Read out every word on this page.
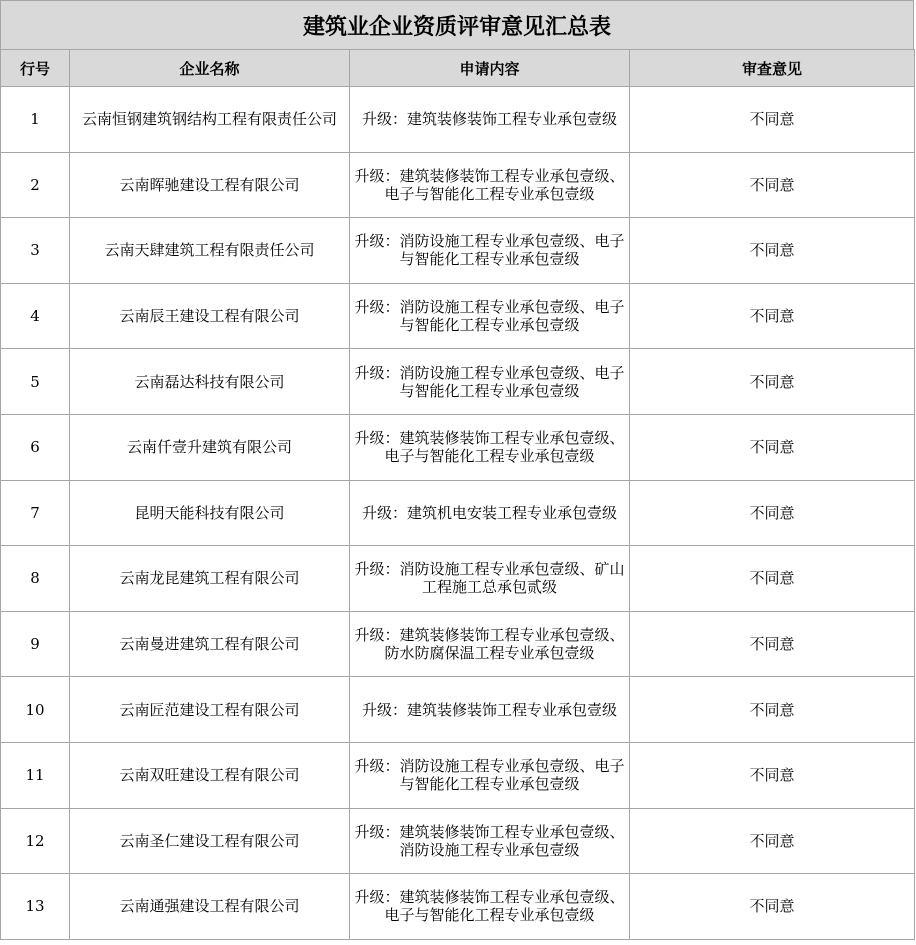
建筑业企业资质评审意见汇总表
行号	企业名称	申请内容	审查意见
1	云南恒钢建筑钢结构工程有限责任公司	升级：建筑装修装饰工程专业承包壹级	不同意
2	云南晖驰建设工程有限公司	升级：建筑装修装饰工程专业承包壹级、电子与智能化工程专业承包壹级	不同意
3	云南天肆建筑工程有限责任公司	升级：消防设施工程专业承包壹级、电子与智能化工程专业承包壹级	不同意
4	云南辰王建设工程有限公司	升级：消防设施工程专业承包壹级、电子与智能化工程专业承包壹级	不同意
5	云南磊达科技有限公司	升级：消防设施工程专业承包壹级、电子与智能化工程专业承包壹级	不同意
6	云南仟壹升建筑有限公司	升级：建筑装修装饰工程专业承包壹级、电子与智能化工程专业承包壹级	不同意
7	昆明天能科技有限公司	升级：建筑机电安装工程专业承包壹级	不同意
8	云南龙昆建筑工程有限公司	升级：消防设施工程专业承包壹级、矿山工程施工总承包贰级	不同意
9	云南曼进建筑工程有限公司	升级：建筑装修装饰工程专业承包壹级、防水防腐保温工程专业承包壹级	不同意
10	云南匠范建设工程有限公司	升级：建筑装修装饰工程专业承包壹级	不同意
11	云南双旺建设工程有限公司	升级：消防设施工程专业承包壹级、电子与智能化工程专业承包壹级	不同意
12	云南圣仁建设工程有限公司	升级：建筑装修装饰工程专业承包壹级、消防设施工程专业承包壹级	不同意
13	云南通强建设工程有限公司	升级：建筑装修装饰工程专业承包壹级、电子与智能化工程专业承包壹级	不同意
